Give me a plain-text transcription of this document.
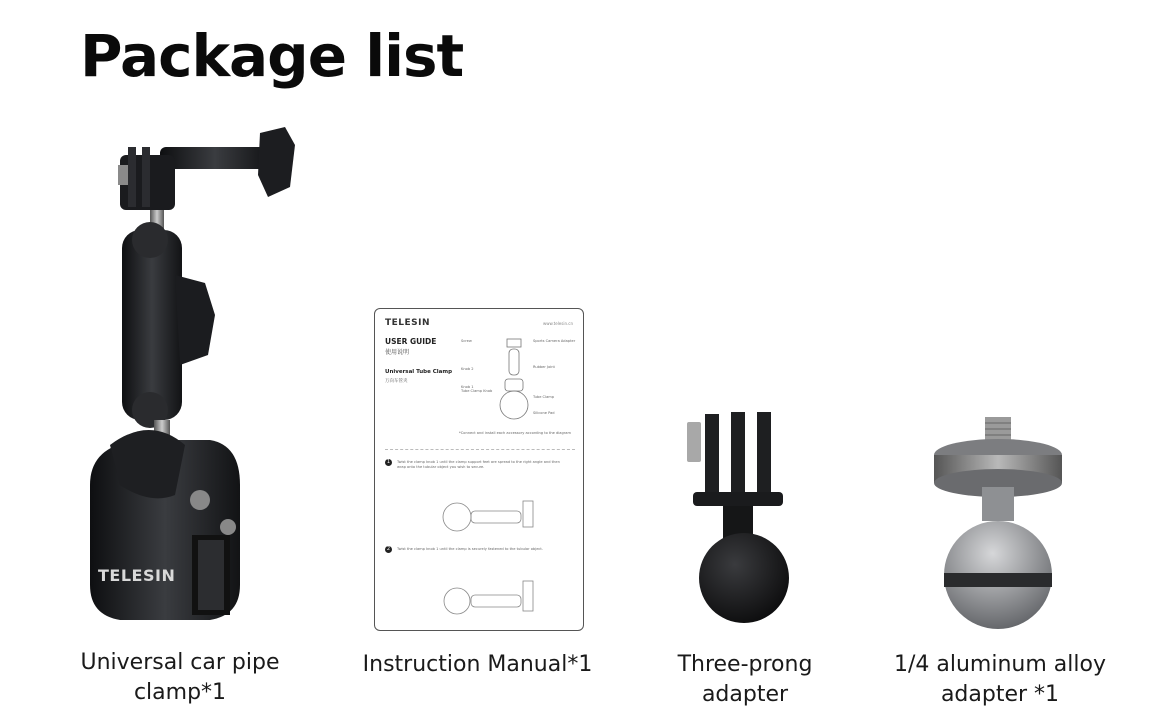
Package list
TELESIN
Universal car pipe
clamp*1
TELESIN	www.telesin.cn
USER GUIDE
使用说明
Universal Tube Clamp
万向车管夹
Screw	Sports Camera Adapter
Knob 2	Rubber Joint
Knob 1
Tube Clamp Knob
Tube Clamp
Silicone Pad
*Connect and install each accessory according to the diagram
1	Twist the clamp knob 1 until the clamp support feet are spread to the right angle and then wrap onto the tubular object you wish to secure.
2	Twist the clamp knob 1 until the clamp is securely fastened to the tubular object.
Instruction Manual*1	Three-prong
adapter
1/4 aluminum alloy
adapter *1
